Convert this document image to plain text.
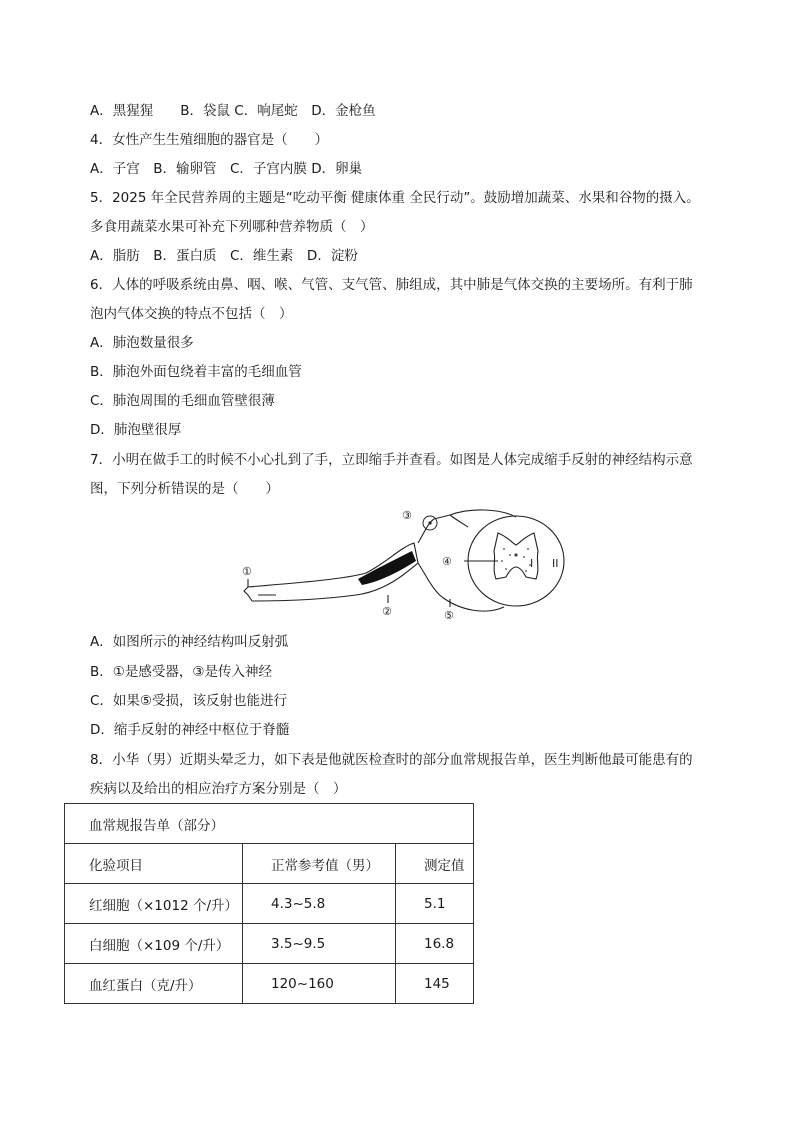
A．黑猩猩　　B．袋鼠 C．响尾蛇　D．金枪鱼
4．女性产生生殖细胞的器官是（　　）
A．子宫　B．输卵管　C．子宫内膜 D．卵巢
5．2025 年全民营养周的主题是“吃动平衡 健康体重 全民行动”。鼓励增加蔬菜、水果和谷物的摄入。
多食用蔬菜水果可补充下列哪种营养物质（　）
A．脂肪　B．蛋白质　C．维生素　D．淀粉
6．人体的呼吸系统由鼻、咽、喉、气管、支气管、肺组成，其中肺是气体交换的主要场所。有利于肺
泡内气体交换的特点不包括（　）
A．肺泡数量很多
B．肺泡外面包绕着丰富的毛细血管
C．肺泡周围的毛细血管壁很薄
D．肺泡壁很厚
7．小明在做手工的时候不小心扎到了手，立即缩手并查看。如图是人体完成缩手反射的神经结构示意
图，下列分析错误的是（　　）
①
②
③
④
⑤
I II
A．如图所示的神经结构叫反射弧
B．①是感受器，③是传入神经
C．如果⑤受损，该反射也能进行
D．缩手反射的神经中枢位于脊髓
8．小华（男）近期头晕乏力，如下表是他就医检查时的部分血常规报告单，医生判断他最可能患有的
疾病以及给出的相应治疗方案分别是（　）
血常规报告单（部分）		
化验项目	正常参考值（男）	测定值
红细胞（×1012 个/升）	4.3~5.8	5.1
白细胞（×109 个/升）	3.5~9.5	16.8
血红蛋白（克/升）	120~160	145
